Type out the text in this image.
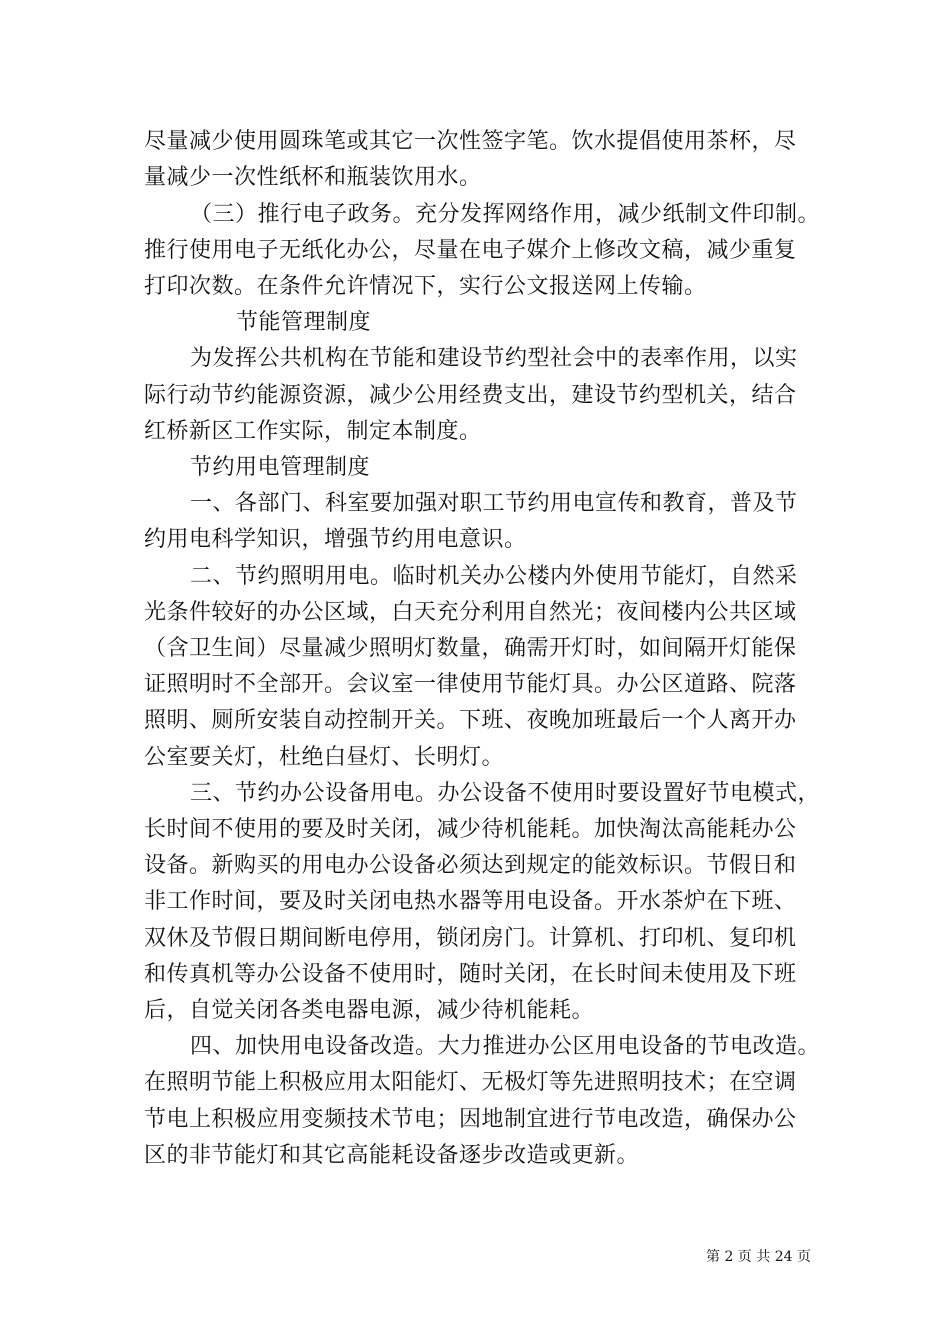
尽量减少使用圆珠笔或其它一次性签字笔。饮水提倡使用茶杯，尽
量减少一次性纸杯和瓶装饮用水。
（三）推行电子政务。充分发挥网络作用，减少纸制文件印制。
推行使用电子无纸化办公，尽量在电子媒介上修改文稿，减少重复
打印次数。在条件允许情况下，实行公文报送网上传输。
节能管理制度
为发挥公共机构在节能和建设节约型社会中的表率作用，以实
际行动节约能源资源，减少公用经费支出，建设节约型机关，结合
红桥新区工作实际，制定本制度。
节约用电管理制度
一、各部门、科室要加强对职工节约用电宣传和教育，普及节
约用电科学知识，增强节约用电意识。
二、节约照明用电。临时机关办公楼内外使用节能灯，自然采
光条件较好的办公区域，白天充分利用自然光；夜间楼内公共区域
（含卫生间）尽量减少照明灯数量，确需开灯时，如间隔开灯能保
证照明时不全部开。会议室一律使用节能灯具。办公区道路、院落
照明、厕所安装自动控制开关。下班、夜晚加班最后一个人离开办
公室要关灯，杜绝白昼灯、长明灯。
三、节约办公设备用电。办公设备不使用时要设置好节电模式，
长时间不使用的要及时关闭，减少待机能耗。加快淘汰高能耗办公
设备。新购买的用电办公设备必须达到规定的能效标识。节假日和
非工作时间，要及时关闭电热水器等用电设备。开水茶炉在下班、
双休及节假日期间断电停用，锁闭房门。计算机、打印机、复印机
和传真机等办公设备不使用时，随时关闭，在长时间未使用及下班
后，自觉关闭各类电器电源，减少待机能耗。
四、加快用电设备改造。大力推进办公区用电设备的节电改造。
在照明节能上积极应用太阳能灯、无极灯等先进照明技术；在空调
节电上积极应用变频技术节电；因地制宜进行节电改造，确保办公
区的非节能灯和其它高能耗设备逐步改造或更新。
第 2 页 共 24 页
